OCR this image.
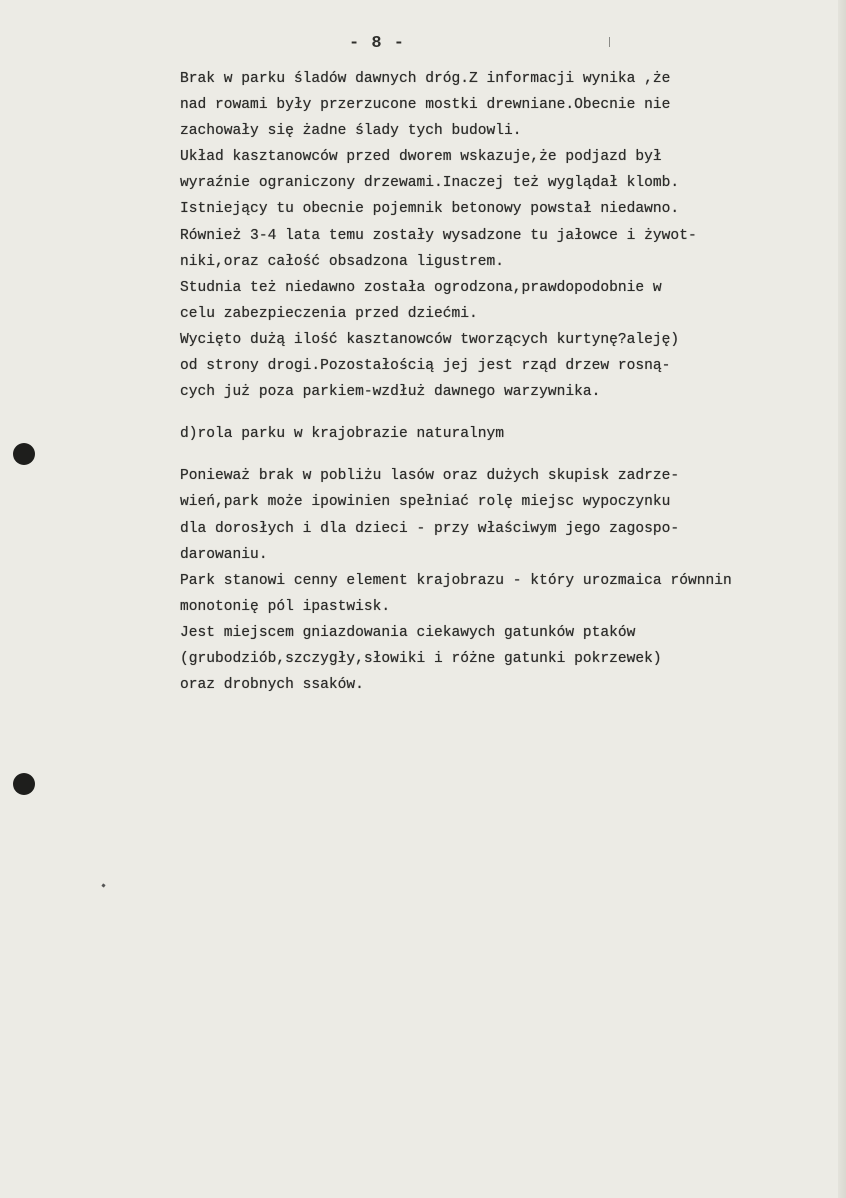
- 8 -
Brak w parku śladów dawnych dróg.Z informacji wynika ,że
nad rowami były przerzucone mostki drewniane.Obecnie nie
zachowały się żadne ślady tych budowli.
Układ kasztanowców przed dworem wskazuje,że podjazd był
wyraźnie ograniczony drzewami.Inaczej też wyglądał klomb.
Istniejący tu obecnie pojemnik betonowy powstał niedawno.
Również 3-4 lata temu zostały wysadzone tu jałowce i żywot-
niki,oraz całość obsadzona ligustrem.
Studnia też niedawno została ogrodzona,prawdopodobnie w
celu zabezpieczenia przed dziećmi.
Wycięto dużą ilość kasztanowców tworzących kurtynę?aleję)
od strony drogi.Pozostałością jej jest rząd drzew rosną-
cych już poza parkiem-wzdłuż dawnego warzywnika.
d)rola parku w krajobrazie naturalnym
Ponieważ brak w pobliżu lasów oraz dużych skupisk zadrze-
wień,park może ipowinien spełniać rolę miejsc wypoczynku
dla dorosłych i dla dzieci - przy właściwym jego zagospo-
darowaniu.
Park stanowi cenny element krajobrazu - który urozmaica równnin
monotonię pól ipastwisk.
Jest miejscem gniazdowania ciekawych gatunków ptaków
(grubodziób,szczygły,słowiki i różne gatunki pokrzewek)
oraz drobnych ssaków.
